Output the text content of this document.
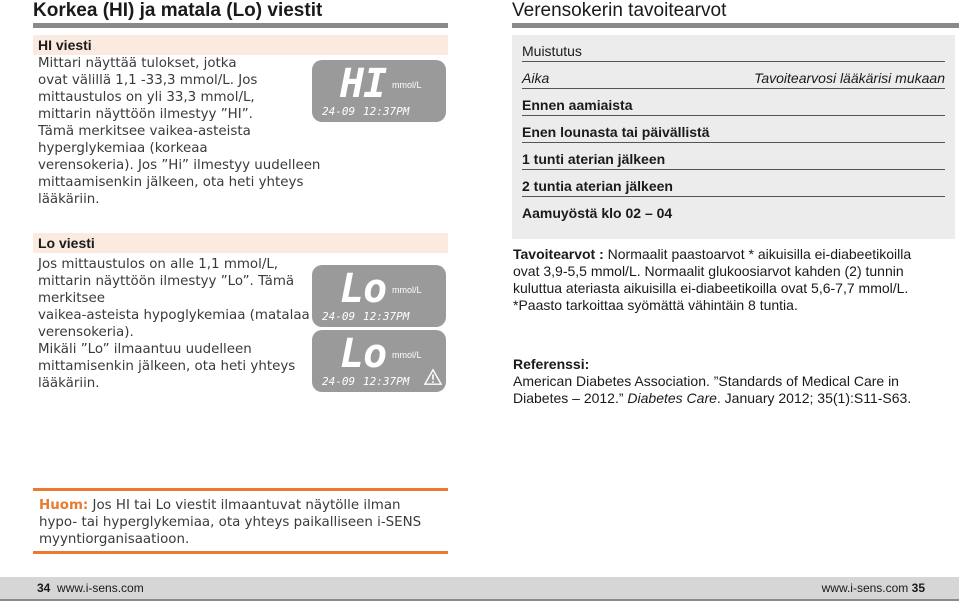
Korkea (HI) ja matala (Lo) viestit
HI viesti
Mittari näyttää tulokset, jotka
ovat välillä 1,1 -33,3 mmol/L. Jos
mittaustulos on yli 33,3 mmol/L,
mittarin näyttöön ilmestyy ”HI”.
Tämä merkitsee vaikea-asteista
hyperglykemiaa (korkeaa
verensokeria). Jos ”Hi” ilmestyy uudelleen
mittaamisenkin jälkeen, ota heti yhteys
lääkäriin.
Lo viesti
Jos mittaustulos on alle 1,1 mmol/L,
mittarin näyttöön ilmestyy ”Lo”. Tämä
merkitsee
vaikea-asteista hypoglykemiaa (matalaa
verensokeria).
Mikäli ”Lo” ilmaantuu uudelleen
mittamisenkin jälkeen, ota heti yhteys
lääkäriin.
HI mmol/L
24-09 12:37PM
Lo mmol/L
24-09 12:37PM
Lo mmol/L
24-09 12:37PM
Huom: Jos HI tai Lo viestit ilmaantuvat näytölle ilman
hypo- tai hyperglykemiaa, ota yhteys paikalliseen i-SENS
myyntiorganisaatioon.
Verensokerin tavoitearvot
Muistutus
Aika	Tavoitearvosi lääkärisi mukaan
Ennen aamiaista
Enen lounasta tai päivällistä
1 tunti aterian jälkeen
2 tuntia aterian jälkeen
Aamuyöstä klo 02 – 04
Tavoitearvot : Normaalit paastoarvot * aikuisilla ei-diabeetikoilla ovat 3,9-5,5 mmol/L. Normaalit glukoosiarvot kahden (2) tunnin kuluttua ateriasta aikuisilla ei-diabeetikoilla ovat 5,6-7,7 mmol/L. *Paasto tarkoittaa syömättä vähintäin 8 tuntia.
Referenssi:
American Diabetes Association. ”Standards of Medical Care in Diabetes – 2012.” Diabetes Care. January 2012; 35(1):S11-S63.
34 www.i-sens.com	www.i-sens.com 35
